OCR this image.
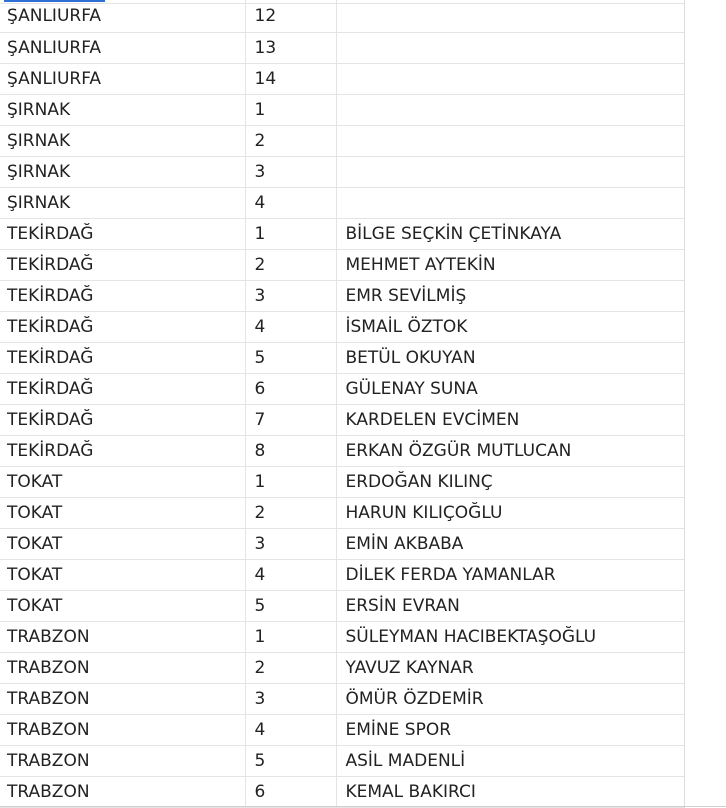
ŞANLIURFA	12	
ŞANLIURFA	13	
ŞANLIURFA	14	
ŞIRNAK	1	
ŞIRNAK	2	
ŞIRNAK	3	
ŞIRNAK	4	
TEKİRDAĞ	1	BİLGE SEÇKİN ÇETİNKAYA
TEKİRDAĞ	2	MEHMET AYTEKİN
TEKİRDAĞ	3	EMR SEVİLMİŞ
TEKİRDAĞ	4	İSMAİL ÖZTOK
TEKİRDAĞ	5	BETÜL OKUYAN
TEKİRDAĞ	6	GÜLENAY SUNA
TEKİRDAĞ	7	KARDELEN EVCİMEN
TEKİRDAĞ	8	ERKAN ÖZGÜR MUTLUCAN
TOKAT	1	ERDOĞAN KILINÇ
TOKAT	2	HARUN KILIÇOĞLU
TOKAT	3	EMİN AKBABA
TOKAT	4	DİLEK FERDA YAMANLAR
TOKAT	5	ERSİN EVRAN
TRABZON	1	SÜLEYMAN HACIBEKTAŞOĞLU
TRABZON	2	YAVUZ KAYNAR
TRABZON	3	ÖMÜR ÖZDEMİR
TRABZON	4	EMİNE SPOR
TRABZON	5	ASİL MADENLİ
TRABZON	6	KEMAL BAKIRCI
